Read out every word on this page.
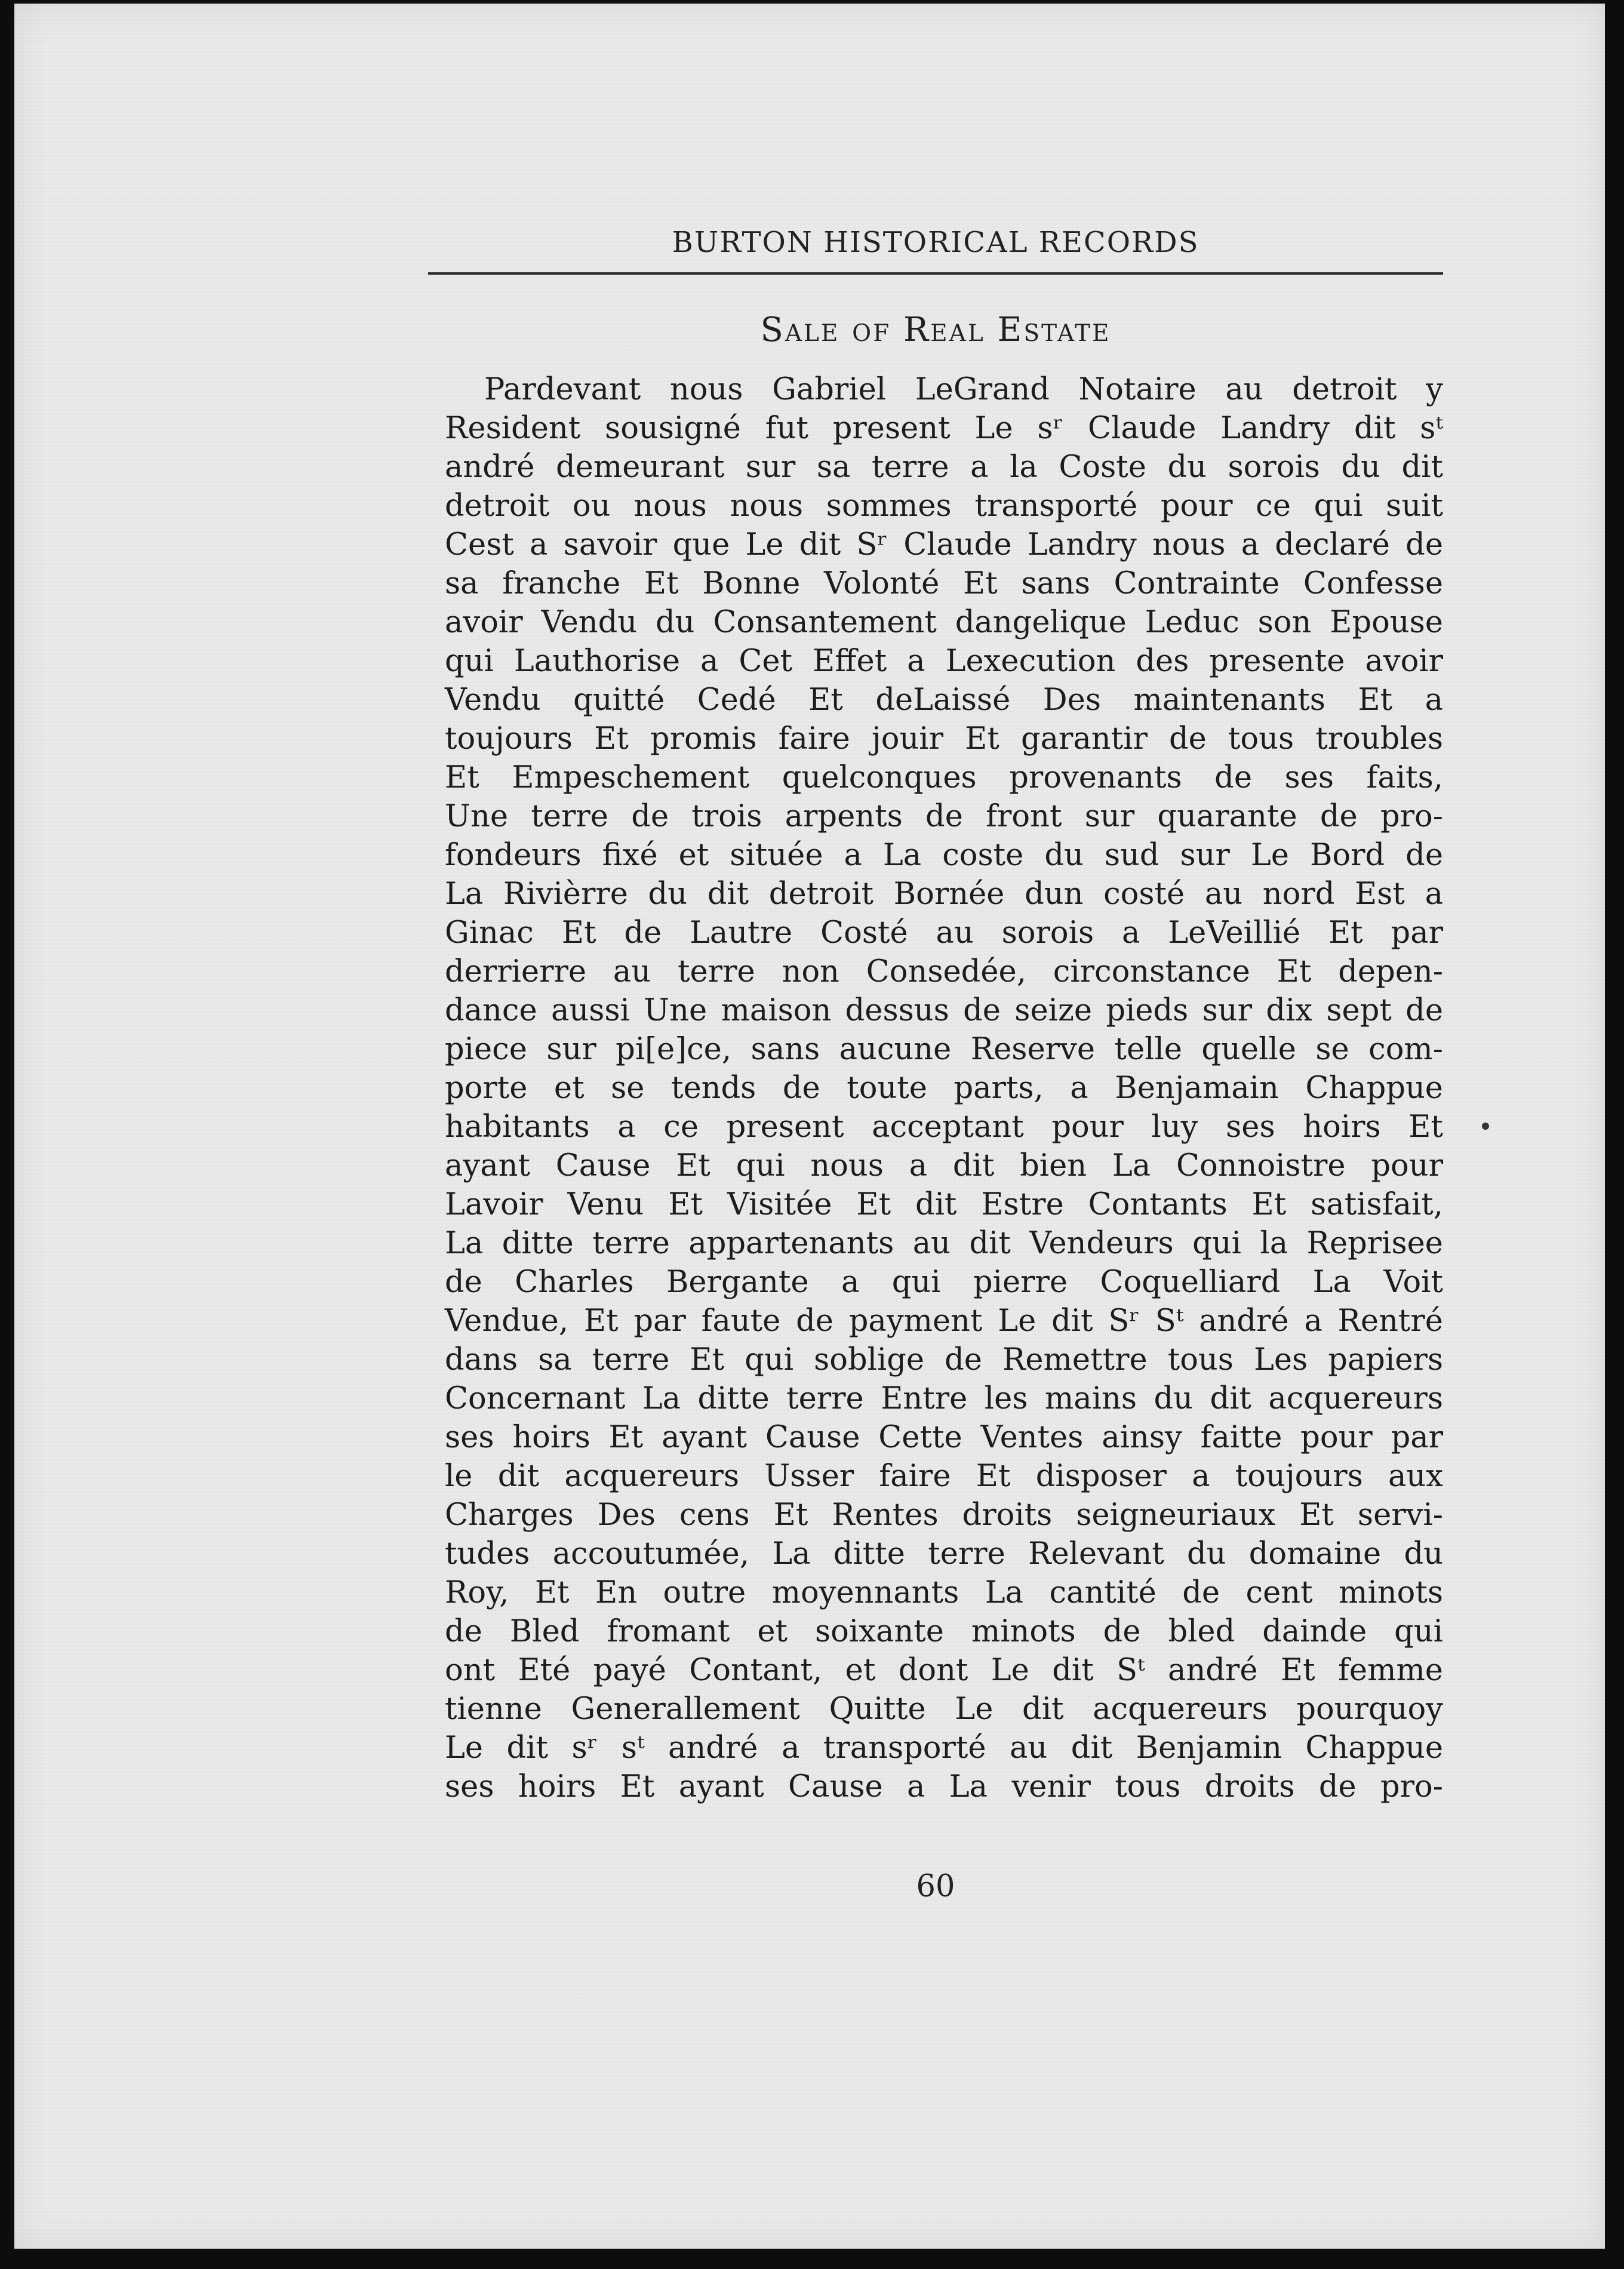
BURTON HISTORICAL RECORDS
Sale of Real Estate
Pardevant nous Gabriel LeGrand Notaire au detroit y
Resident sousigné fut present Le sʳ Claude Landry dit sᵗ
andré demeurant sur sa terre a la Coste du sorois du dit
detroit ou nous nous sommes transporté pour ce qui suit
Cest a savoir que Le dit Sʳ Claude Landry nous a declaré de
sa franche Et Bonne Volonté Et sans Contrainte Confesse
avoir Vendu du Consantement dangelique Leduc son Epouse
qui Lauthorise a Cet Effet a Lexecution des presente avoir
Vendu quitté Cedé Et deLaissé Des maintenants Et a
toujours Et promis faire jouir Et garantir de tous troubles
Et Empeschement quelconques provenants de ses faits,
Une terre de trois arpents de front sur quarante de pro-
fondeurs fixé et située a La coste du sud sur Le Bord de
La Rivièrre du dit detroit Bornée dun costé au nord Est a
Ginac Et de Lautre Costé au sorois a LeVeillié Et par
derrierre au terre non Consedée, circonstance Et depen-
dance aussi Une maison dessus de seize pieds sur dix sept de
piece sur pi[e]ce, sans aucune Reserve telle quelle se com-
porte et se tends de toute parts, a Benjamain Chappue
habitants a ce present acceptant pour luy ses hoirs Et
ayant Cause Et qui nous a dit bien La Connoistre pour
Lavoir Venu Et Visitée Et dit Estre Contants Et satisfait,
La ditte terre appartenants au dit Vendeurs qui la Reprisee
de Charles Bergante a qui pierre Coquelliard La Voit
Vendue, Et par faute de payment Le dit Sʳ Sᵗ andré a Rentré
dans sa terre Et qui soblige de Remettre tous Les papiers
Concernant La ditte terre Entre les mains du dit acquereurs
ses hoirs Et ayant Cause Cette Ventes ainsy faitte pour par
le dit acquereurs Usser faire Et disposer a toujours aux
Charges Des cens Et Rentes droits seigneuriaux Et servi-
tudes accoutumée, La ditte terre Relevant du domaine du
Roy, Et En outre moyennants La cantité de cent minots
de Bled fromant et soixante minots de bled dainde qui
ont Eté payé Contant, et dont Le dit Sᵗ andré Et femme
tienne Generallement Quitte Le dit acquereurs pourquoy
Le dit sʳ sᵗ andré a transporté au dit Benjamin Chappue
ses hoirs Et ayant Cause a La venir tous droits de pro-
60
